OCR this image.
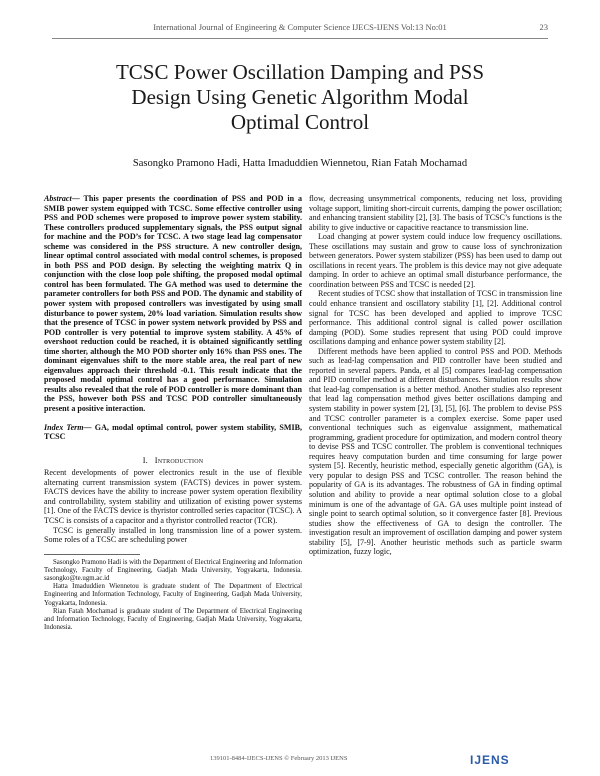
International Journal of Engineering & Computer Science IJECS-IJENS Vol:13 No:01	23
TCSC Power Oscillation Damping and PSS
Design Using Genetic Algorithm Modal
Optimal Control
Sasongko Pramono Hadi, Hatta Imaduddien Wiennetou, Rian Fatah Mochamad

Abstract— This paper presents the coordination of PSS and POD in a SMIB power system equipped with TCSC. Some effective controller using PSS and POD schemes were proposed to improve power system stability. These controllers produced supplementary signals, the PSS output signal for machine and the POD’s for TCSC. A two stage lead lag compensator scheme was considered in the PSS structure. A new controller design, linear optimal control associated with modal control schemes, is proposed in both PSS and POD design. By selecting the weighting matrix Q in conjunction with the close loop pole shifting, the proposed modal optimal control has been formulated. The GA method was used to determine the parameter controllers for both PSS and POD. The dynamic and stability of power system with proposed controllers was investigated by using small disturbance to power system, 20% load variation. Simulation results show that the presence of TCSC in power system network provided by PSS and POD controller is very potential to improve system stability. A 45% of overshoot reduction could be reached, it is obtained significantly settling time shorter, although the MO POD shorter only 16% than PSS ones. The dominant eigenvalues shift to the more stable area, the real part of new eigenvalues approach their threshold -0.1. This result indicate that the proposed modal optimal control has a good performance. Simulation results also revealed that the role of POD controller is more dominant than the PSS, however both PSS and TCSC POD controller simultaneously present a positive interaction.

Index Term— GA, modal optimal control, power system stability, SMIB, TCSC

I. Introduction

Recent developments of power electronics result in the use of flexible alternating current transmission system (FACTS) devices in power system. FACTS devices have the ability to increase power system operation flexibility and controllability, system stability and utilization of existing power systems [1]. One of the FACTS device is thyristor controlled series capacitor (TCSC). A TCSC is consists of a capacitor and a thyristor controlled reactor (TCR).

TCSC is generally installed in long transmission line of a power system. Some roles of a TCSC are scheduling power

Sasongko Pramono Hadi is with the Department of Electrical Engineering and Information Technology, Faculty of Engineering, Gadjah Mada University, Yogyakarta, Indonesia. sasongko@te.ugm.ac.id
Hatta Imaduddien Wiennetou is graduate student of The Department of Electrical Engineering and Information Technology, Faculty of Engineering, Gadjah Mada University, Yogyakarta, Indonesia.
Rian Fatah Mochamad is graduate student of The Department of Electrical Engineering and Information Technology, Faculty of Engineering, Gadjah Mada University, Yogyakarta, Indonesia.

flow, decreasing unsymmetrical components, reducing net loss, providing voltage support, limiting short-circuit currents, damping the power oscillation; and enhancing transient stability [2], [3]. The basis of TCSC’s functions is the ability to give inductive or capacitive reactance to transmission line.

Load changing at power system could induce low frequency oscillations. These oscillations may sustain and grow to cause loss of synchronization between generators. Power system stabilizer (PSS) has been used to damp out oscillations in recent years. The problem is this device may not give adequate damping. In order to achieve an optimal small disturbance performance, the coordination between PSS and TCSC is needed [2].

Recent studies of TCSC show that installation of TCSC in transmission line could enhance transient and oscillatory stability [1], [2]. Additional control signal for TCSC has been developed and applied to improve TCSC performance. This additional control signal is called power oscillation damping (POD). Some studies represent that using POD could improve oscillations damping and enhance power system stability [2].

Different methods have been applied to control PSS and POD. Methods such as lead-lag compensation and PID controller have been studied and reported in several papers. Panda, et al [5] compares lead-lag compensation and PID controller method at different disturbances. Simulation results show that lead-lag compensation is a better method. Another studies also represent that lead lag compensation method gives better oscillations damping and system stability in power system [2], [3], [5], [6]. The problem to devise PSS and TCSC controller parameter is a complex exercise. Some paper used conventional techniques such as eigenvalue assignment, mathematical programming, gradient procedure for optimization, and modern control theory to devise PSS and TCSC controller. The problem is conventional techniques requires heavy computation burden and time consuming for large power system [5]. Recently, heuristic method, especially genetic algorithm (GA), is very popular to design PSS and TCSC controller. The reason behind the popularity of GA is its advantages. The robustness of GA in finding optimal solution and ability to provide a near optimal solution close to a global minimum is one of the advantage of GA. GA uses multiple point instead of single point to search optimal solution, so it convergence faster [8]. Previous studies show the effectiveness of GA to design the controller. The investigation result an improvement of oscillation damping and power system stability [5], [7-9]. Another heuristic methods such as particle swarm optimization, fuzzy logic,

139101-8484-IJECS-IJENS © February 2013 IJENS	IJENS
